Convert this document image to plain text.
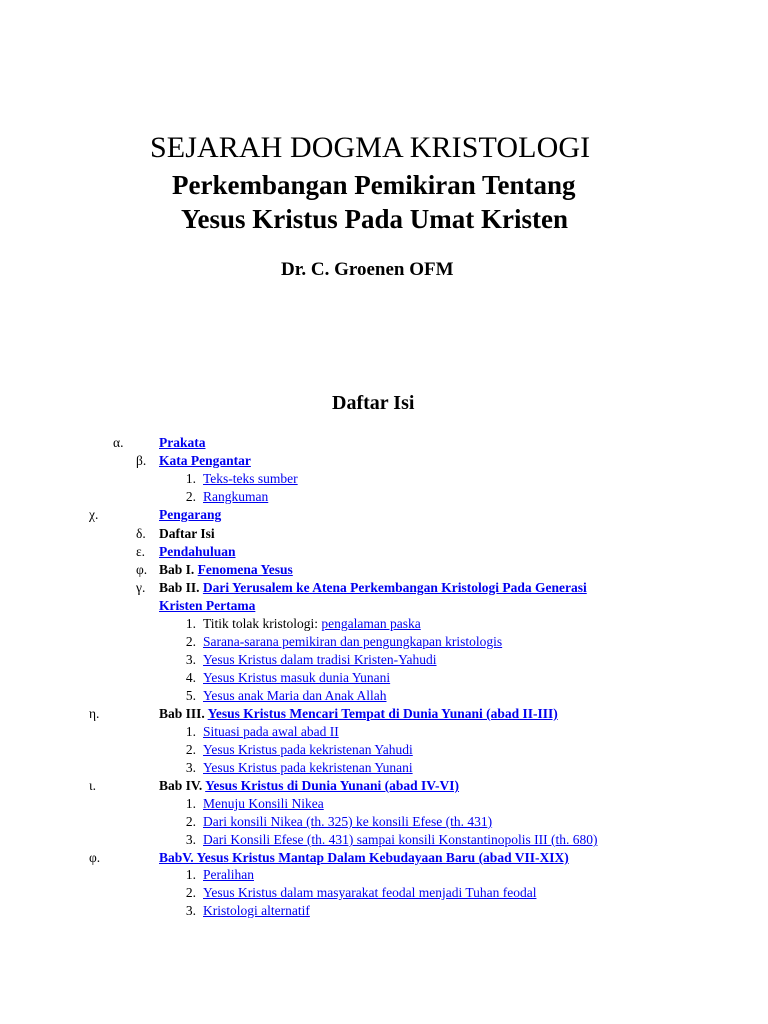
SEJARAH DOGMA KRISTOLOGI
Perkembangan Pemikiran Tentang
Yesus Kristus Pada Umat Kristen
Dr. C. Groenen OFM
Daftar Isi
α.	Prakata
β. Kata Pengantar
1. Teks-teks sumber
2. Rangkuman
χ.	Pengarang
δ. Daftar Isi
ε. Pendahuluan
φ. Bab I. Fenomena Yesus
γ. Bab II. Dari Yerusalem ke Atena Perkembangan Kristologi Pada Generasi
Kristen Pertama
1. Titik tolak kristologi: pengalaman paska
2. Sarana-sarana pemikiran dan pengungkapan kristologis
3. Yesus Kristus dalam tradisi Kristen-Yahudi
4. Yesus Kristus masuk dunia Yunani
5. Yesus anak Maria dan Anak Allah
η.	Bab III. Yesus Kristus Mencari Tempat di Dunia Yunani (abad II-III)
1. Situasi pada awal abad II
2. Yesus Kristus pada kekristenan Yahudi
3. Yesus Kristus pada kekristenan Yunani
ι.	Bab IV. Yesus Kristus di Dunia Yunani (abad IV-VI)
1. Menuju Konsili Nikea
2. Dari konsili Nikea (th. 325) ke konsili Efese (th. 431)
3. Dari Konsili Efese (th. 431) sampai konsili Konstantinopolis III (th. 680)
φ.	BabV. Yesus Kristus Mantap Dalam Kebudayaan Baru (abad VII-XIX)
1. Peralihan
2. Yesus Kristus dalam masyarakat feodal menjadi Tuhan feodal
3. Kristologi alternatif
